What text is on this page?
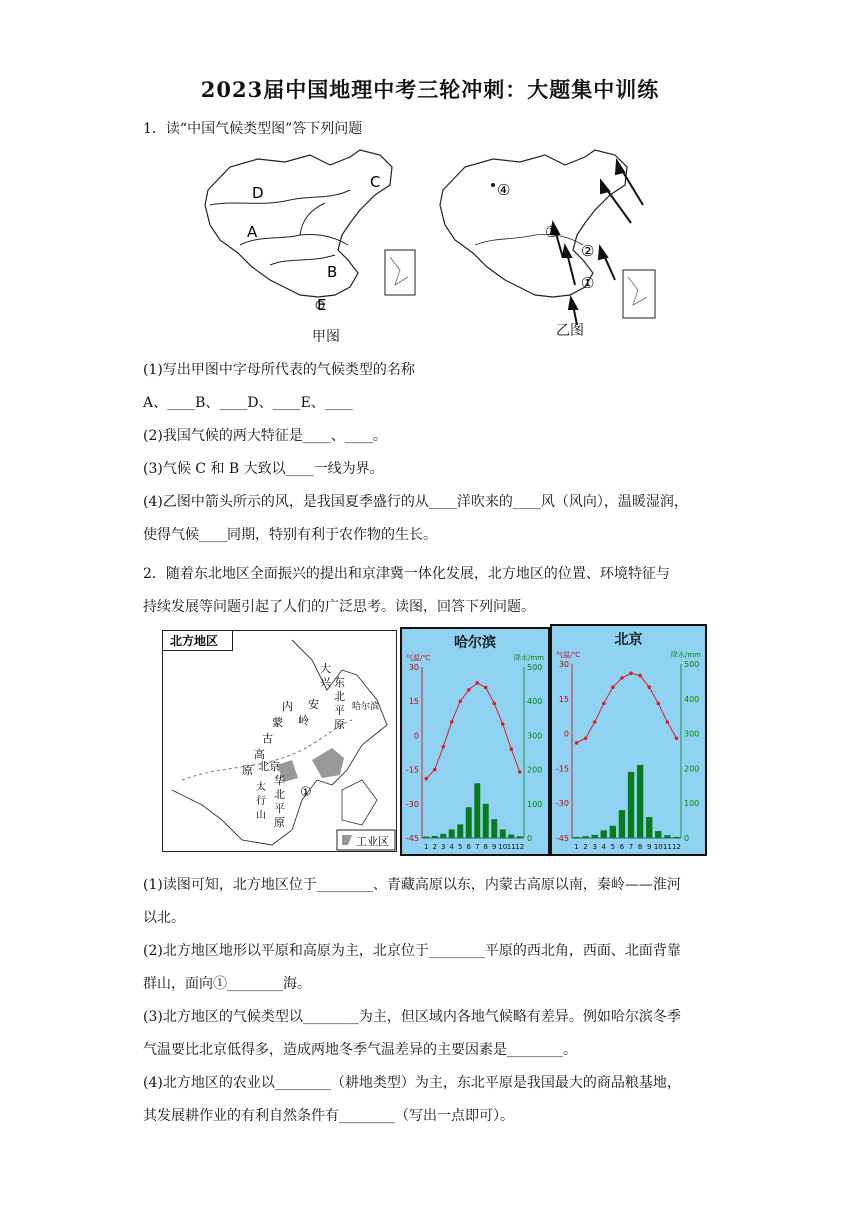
2023届中国地理中考三轮冲刺：大题集中训练
1．读“中国气候类型图”答下列问题
D
C
A
B
E
甲图
④
③
②
①
乙图
(1)写出甲图中字母所代表的气候类型的名称
A、____B、____D、____E、____
(2)我国气候的两大特征是____、____。
(3)气候 C 和 B 大致以____一线为界。
(4)乙图中箭头所示的风，是我国夏季盛行的从____洋吹来的____风（风向），温暖湿润，
使得气候____同期，特别有利于农作物的生长。
2．随着东北地区全面振兴的提出和京津冀一体化发展，北方地区的位置、环境特征与
持续发展等问题引起了人们的广泛思考。读图，回答下列问题。
北方地区
大
兴
安
岭
东
北
平
原
哈尔滨
内
蒙
古
高
原 北京
华
北
平
原
太
行
山
①
工业区
哈尔滨
气温/℃	降水/mm
30
15
0
-15
-30
-45
500
400
300
200
100
0
1 2 3 4 5 6 7 8 9 10 11 12
北京
气温/℃	降水/mm
30
15
0
-15
-30
-45
500
400
300
200
100
0
1 2 3 4 5 6 7 8 9 10 11 12
(1)读图可知，北方地区位于________、青藏高原以东，内蒙古高原以南，秦岭——淮河
以北。
(2)北方地区地形以平原和高原为主，北京位于________平原的西北角，西面、北面背靠
群山，面向①________海。
(3)北方地区的气候类型以________为主，但区域内各地气候略有差异。例如哈尔滨冬季
气温要比北京低得多，造成两地冬季气温差异的主要因素是________。
(4)北方地区的农业以________（耕地类型）为主，东北平原是我国最大的商品粮基地，
其发展耕作业的有利自然条件有________（写出一点即可）。
